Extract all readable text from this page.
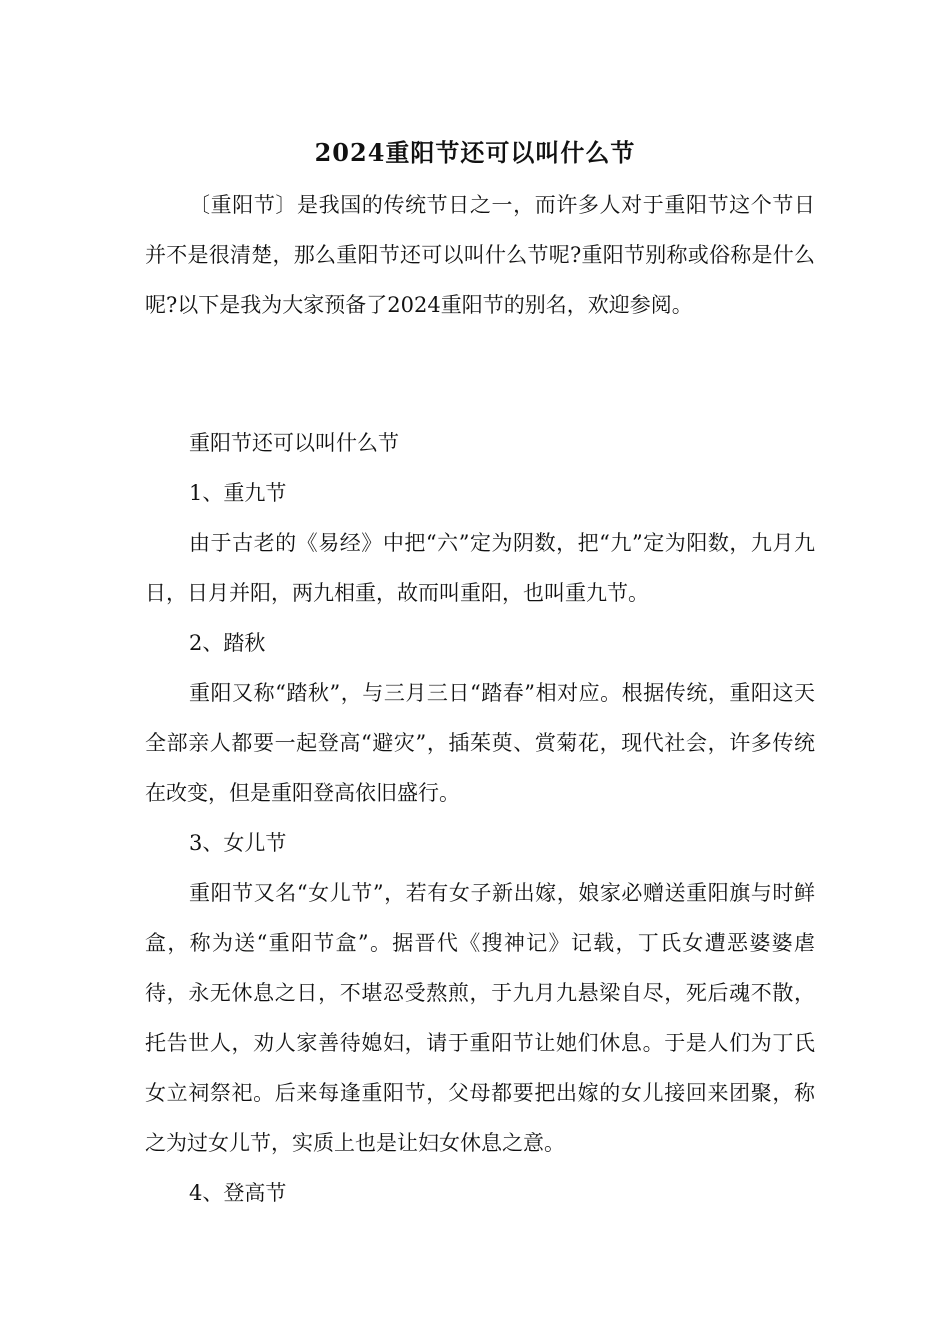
2024重阳节还可以叫什么节

〔重阳节〕是我国的传统节日之一，而许多人对于重阳节这个节日并不是很清楚，那么重阳节还可以叫什么节呢?重阳节别称或俗称是什么呢?以下是我为大家预备了2024重阳节的别名，欢迎参阅。

重阳节还可以叫什么节

1、重九节

由于古老的《易经》中把“六”定为阴数，把“九”定为阳数，九月九日，日月并阳，两九相重，故而叫重阳，也叫重九节。

2、踏秋

重阳又称“踏秋”，与三月三日“踏春”相对应。根据传统，重阳这天全部亲人都要一起登高“避灾”，插茱萸、赏菊花，现代社会，许多传统在改变，但是重阳登高依旧盛行。

3、女儿节

重阳节又名“女儿节”，若有女子新出嫁，娘家必赠送重阳旗与时鲜盒，称为送“重阳节盒”。据晋代《搜神记》记载，丁氏女遭恶婆婆虐待，永无休息之日，不堪忍受熬煎，于九月九悬梁自尽，死后魂不散，托告世人，劝人家善待媳妇，请于重阳节让她们休息。于是人们为丁氏女立祠祭祀。后来每逢重阳节，父母都要把出嫁的女儿接回来团聚，称之为过女儿节，实质上也是让妇女休息之意。

4、登高节
